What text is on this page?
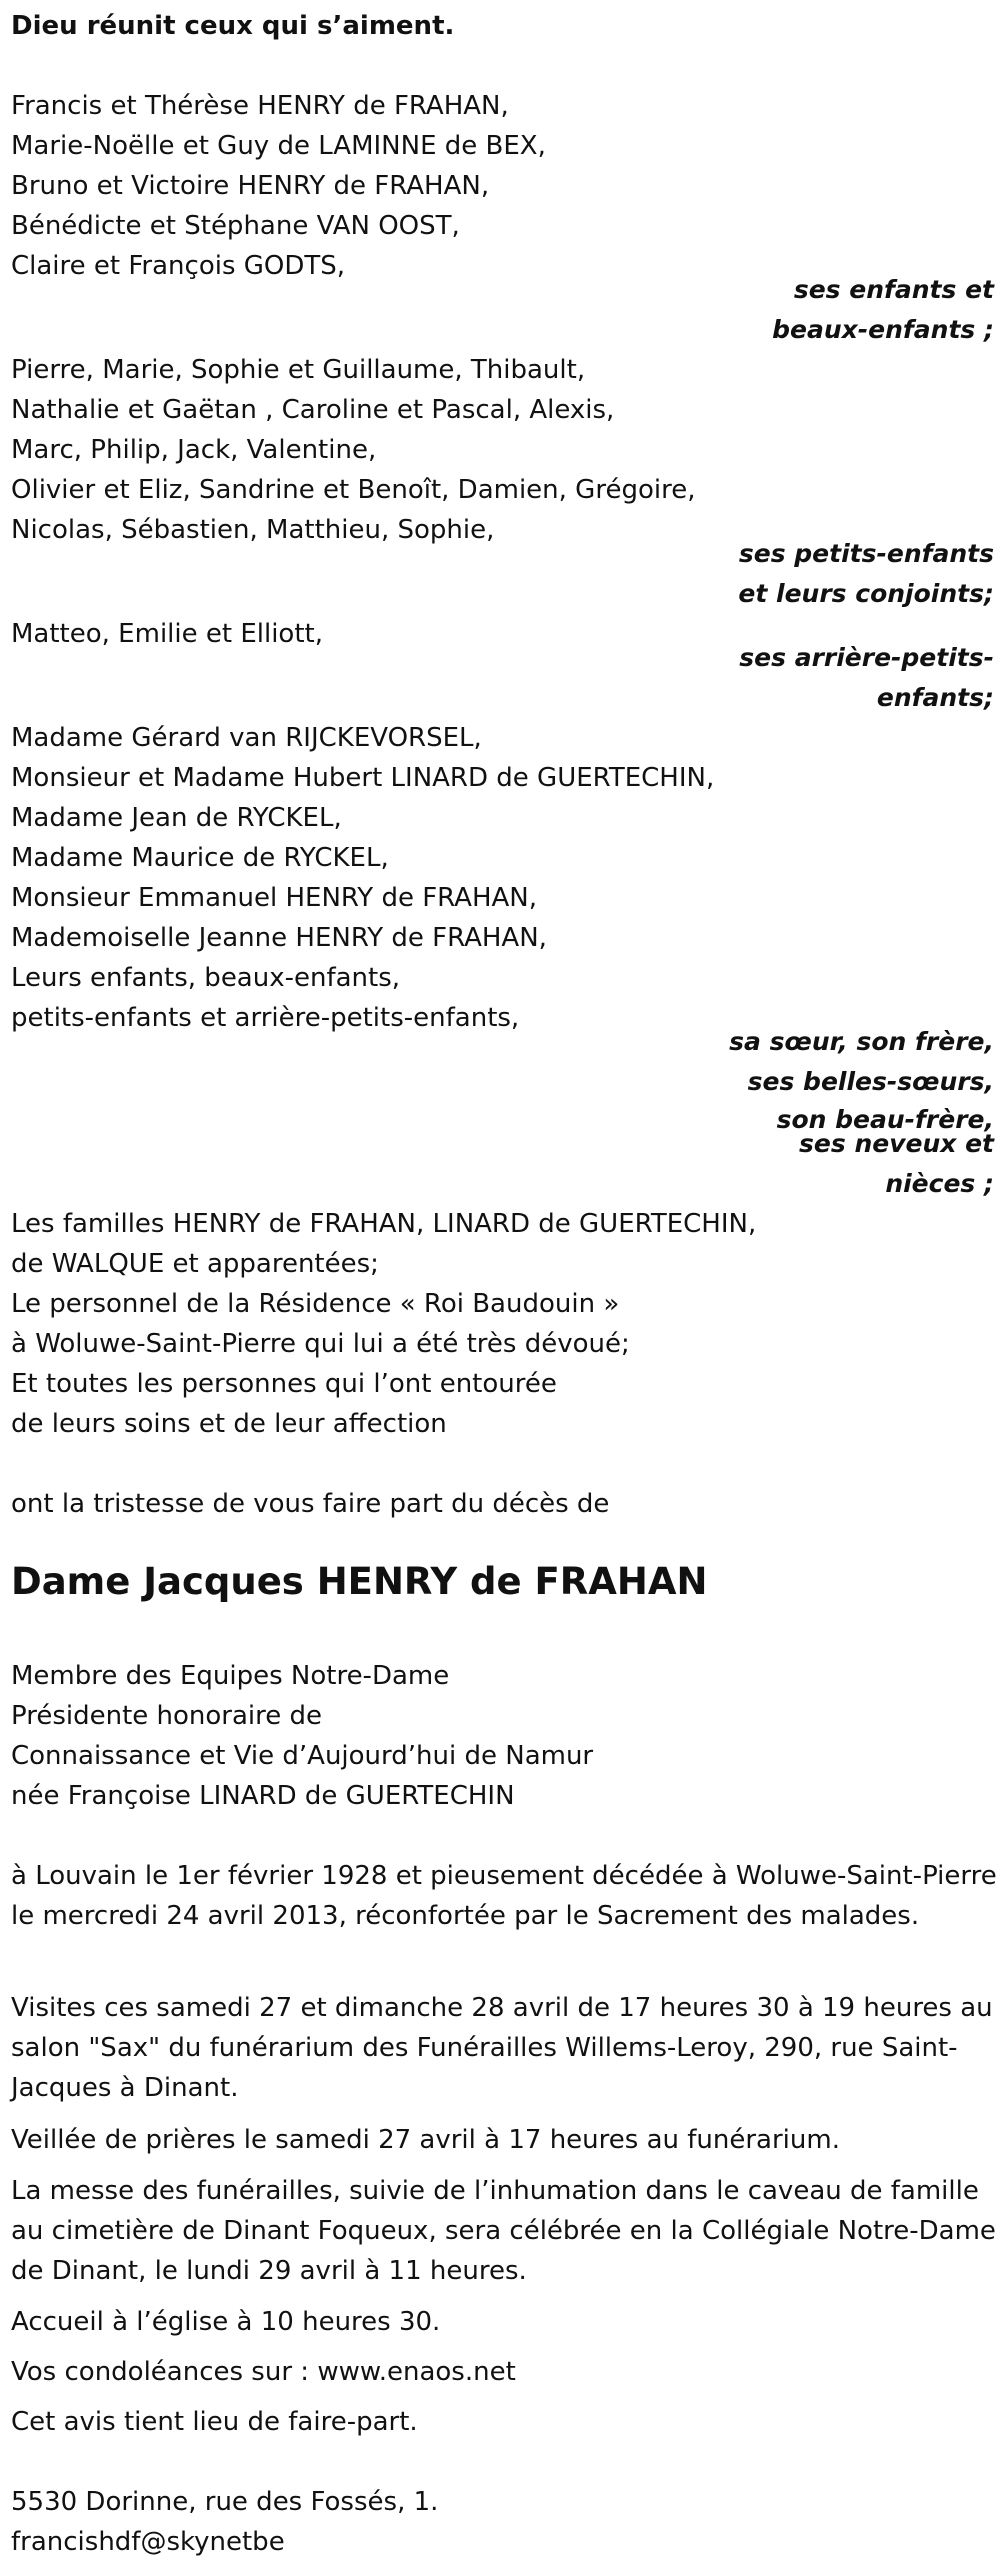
Dieu réunit ceux qui s’aiment.
Francis et Thérèse HENRY de FRAHAN,
Marie-Noëlle et Guy de LAMINNE de BEX,
Bruno et Victoire HENRY de FRAHAN,
Bénédicte et Stéphane VAN OOST,
Claire et François GODTS,
ses enfants et
beaux-enfants ;
Pierre, Marie, Sophie et Guillaume, Thibault,
Nathalie et Gaëtan , Caroline et Pascal, Alexis,
Marc, Philip, Jack, Valentine,
Olivier et Eliz, Sandrine et Benoît, Damien, Grégoire,
Nicolas, Sébastien, Matthieu, Sophie,
ses petits-enfants
et leurs conjoints;
Matteo, Emilie et Elliott,
ses arrière-petits-
enfants;
Madame Gérard van RIJCKEVORSEL,
Monsieur et Madame Hubert LINARD de GUERTECHIN,
Madame Jean de RYCKEL,
Madame Maurice de RYCKEL,
Monsieur Emmanuel HENRY de FRAHAN,
Mademoiselle Jeanne HENRY de FRAHAN,
Leurs enfants, beaux-enfants,
petits-enfants et arrière-petits-enfants,
sa sœur, son frère,
ses belles-sœurs,
son beau-frère,
ses neveux et
nièces ;
Les familles HENRY de FRAHAN, LINARD de GUERTECHIN,
de WALQUE et apparentées;
Le personnel de la Résidence « Roi Baudouin »
à Woluwe-Saint-Pierre qui lui a été très dévoué;
Et toutes les personnes qui l’ont entourée
de leurs soins et de leur affection
ont la tristesse de vous faire part du décès de
Dame Jacques HENRY de FRAHAN
Membre des Equipes Notre-Dame
Présidente honoraire de
Connaissance et Vie d’Aujourd’hui de Namur
née Françoise LINARD de GUERTECHIN
à Louvain le 1er février 1928 et pieusement décédée à Woluwe-Saint-Pierre le mercredi 24 avril 2013, réconfortée par le Sacrement des malades.
Visites ces samedi 27 et dimanche 28 avril de 17 heures 30 à 19 heures au salon "Sax" du funérarium des Funérailles Willems-Leroy, 290, rue Saint-Jacques à Dinant.
Veillée de prières le samedi 27 avril à 17 heures au funérarium.
La messe des funérailles, suivie de l’inhumation dans le caveau de famille au cimetière de Dinant Foqueux, sera célébrée en la Collégiale Notre-Dame de Dinant, le lundi 29 avril à 11 heures.
Accueil à l’église à 10 heures 30.
Vos condoléances sur : www.enaos.net
Cet avis tient lieu de faire-part.
5530 Dorinne, rue des Fossés, 1.
francishdf@skynetbe
